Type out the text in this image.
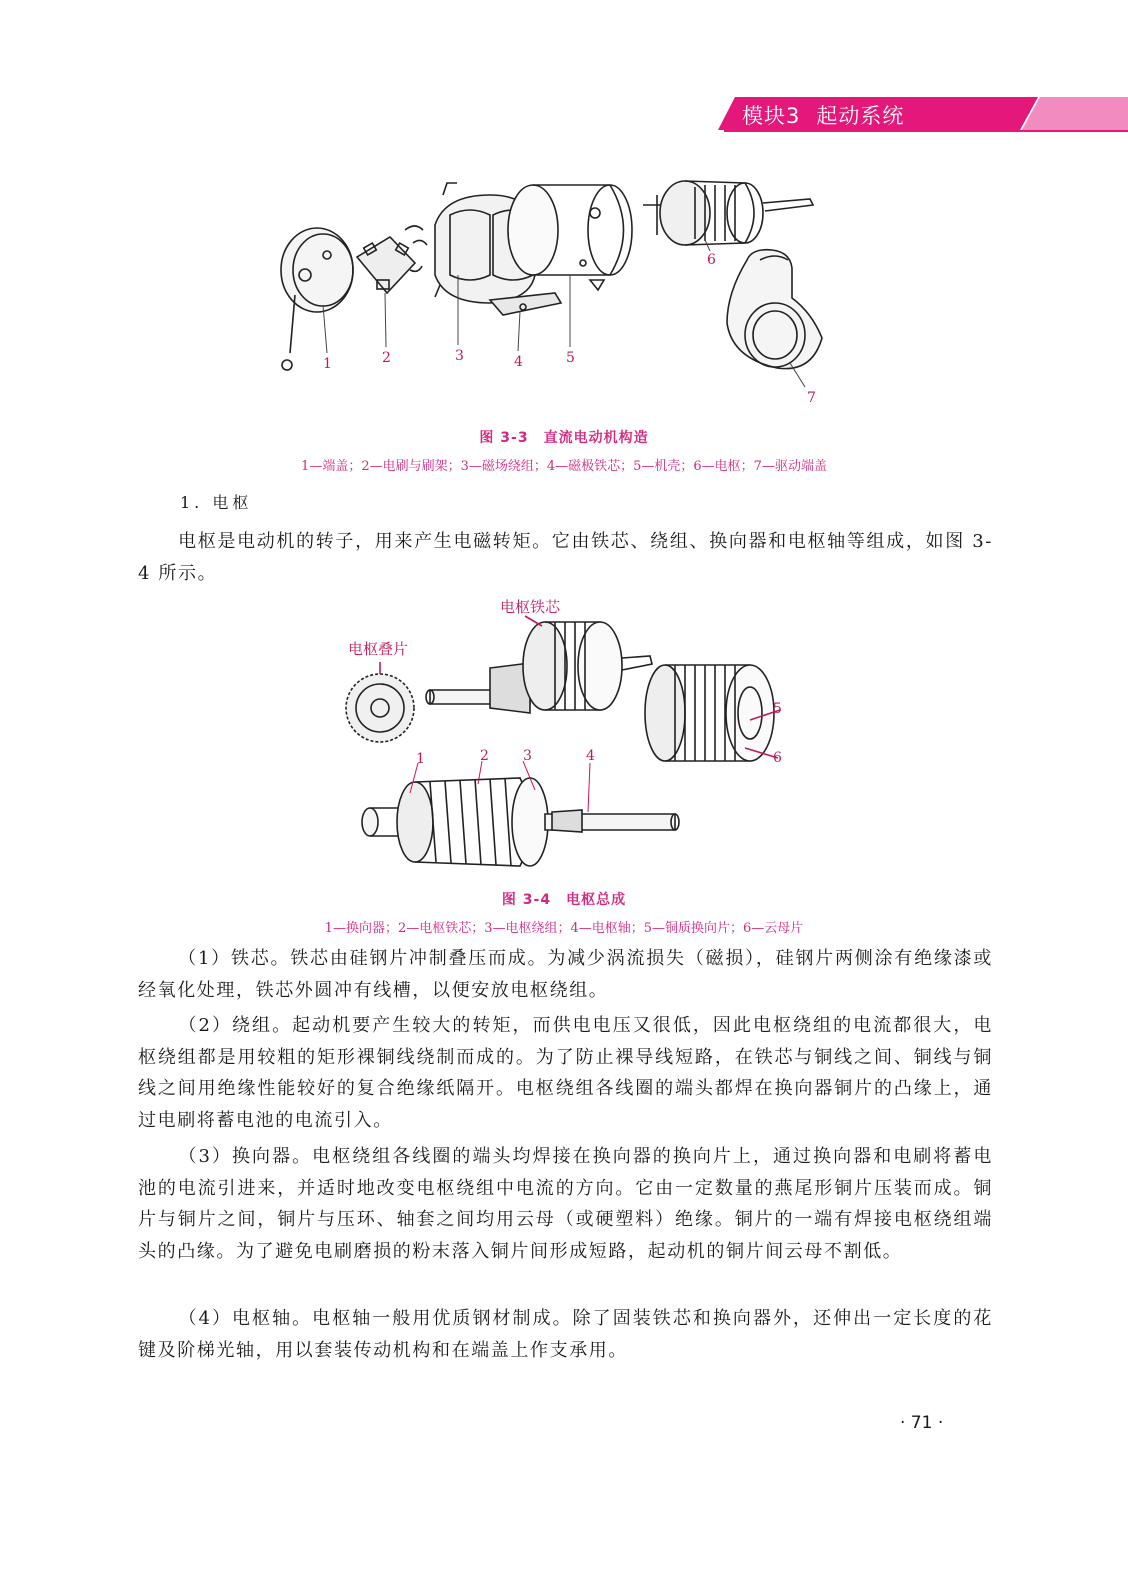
模块3 起动系统
1	2	3	4	5
6
7
图 3-3　直流电动机构造
1—端盖；2—电刷与刷架；3—磁场绕组；4—磁极铁芯；5—机壳；6—电枢；7—驱动端盖
1. 电枢
电枢是电动机的转子，用来产生电磁转矩。它由铁芯、绕组、换向器和电枢轴等组成，如图 3-4 所示。
电枢铁芯
电枢叠片
1	2 3	4
5
6
图 3-4　电枢总成
1—换向器；2—电枢铁芯；3—电枢绕组；4—电枢轴；5—铜质换向片；6—云母片
（1）铁芯。铁芯由硅钢片冲制叠压而成。为减少涡流损失（磁损），硅钢片两侧涂有绝缘漆或经氧化处理，铁芯外圆冲有线槽，以便安放电枢绕组。
（2）绕组。起动机要产生较大的转矩，而供电电压又很低，因此电枢绕组的电流都很大，电枢绕组都是用较粗的矩形裸铜线绕制而成的。为了防止裸导线短路，在铁芯与铜线之间、铜线与铜线之间用绝缘性能较好的复合绝缘纸隔开。电枢绕组各线圈的端头都焊在换向器铜片的凸缘上，通过电刷将蓄电池的电流引入。
（3）换向器。电枢绕组各线圈的端头均焊接在换向器的换向片上，通过换向器和电刷将蓄电池的电流引进来，并适时地改变电枢绕组中电流的方向。它由一定数量的燕尾形铜片压装而成。铜片与铜片之间，铜片与压环、轴套之间均用云母（或硬塑料）绝缘。铜片的一端有焊接电枢绕组端头的凸缘。为了避免电刷磨损的粉末落入铜片间形成短路，起动机的铜片间云母不割低。
（4）电枢轴。电枢轴一般用优质钢材制成。除了固装铁芯和换向器外，还伸出一定长度的花键及阶梯光轴，用以套装传动机构和在端盖上作支承用。
· 71 ·
